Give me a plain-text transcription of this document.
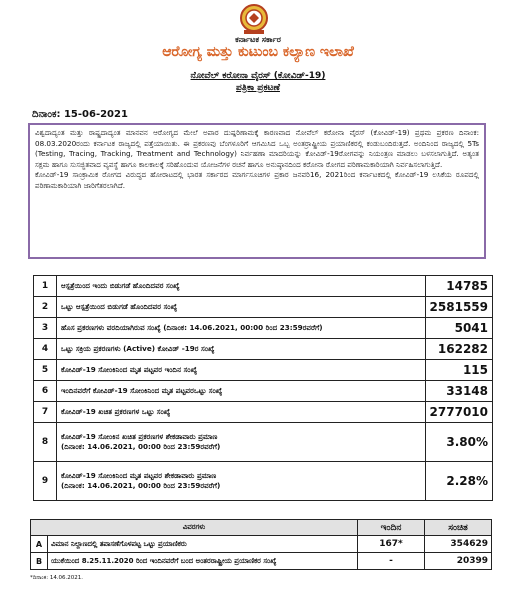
ಕರ್ನಾಟಕ ಸರ್ಕಾರ
ಆರೋಗ್ಯ ಮತ್ತು ಕುಟುಂಬ ಕಲ್ಯಾಣ ಇಲಾಖೆ
ನೋವೆಲ್ ಕರೋನಾ ವೈರಸ್ (ಕೋವಿಡ್-19)
ಪತ್ರಿಕಾ ಪ್ರಕಟಣೆ
ದಿನಾಂಕ: 15-06-2021

ವಿಶ್ವದಾದ್ಯಂತ ಮತ್ತು ರಾಷ್ಟ್ರದಾದ್ಯಂತ ಮಾನವನ ಆರೋಗ್ಯದ ಮೇಲೆ ಅಪಾರ ದುಷ್ಪರಿಣಾಮಕ್ಕೆ ಕಾರಣವಾದ ನೋವೆಲ್ ಕರೋನಾ ವೈರಸ್ (ಕೋವಿಡ್-19) ಪ್ರಥಮ ಪ್ರಕರಣ ದಿನಾಂಕ: 08.03.2020ರಂದು ಕರ್ನಾಟಕ ರಾಜ್ಯದಲ್ಲಿ ಪತ್ತೆಯಾಯಿತು. ಈ ಪ್ರಕರಣವು ಬೆಂಗಳೂರಿಗೆ ಆಗಮಿಸಿದ ಒಬ್ಬ ಅಂತರ್ರಾಷ್ಟ್ರೀಯ ಪ್ರಯಾಣಿಕರಲ್ಲಿ ಕಂಡುಬಂದಿರುತ್ತದೆ. ಅಂದಿನಿಂದ ರಾಜ್ಯದಲ್ಲಿ 5Ts (Testing, Tracing, Tracking, Treatment and Technology) ನಿರ್ವಹಣಾ ಮಾದರಿಯನ್ನು ಕೋವಿಡ್-19ರೋಗವನ್ನು ನಿಯಂತ್ರಣ ಮಾಡಲು ಬಳಸಲಾಗುತ್ತಿದೆ. ಅತ್ಯಂತ ಸಕ್ಷಮ ಹಾಗೂ ಸುಸಜ್ಜಿತವಾದ ವ್ಯವಸ್ಥೆ ಹಾಗೂ ಕಾಲಕಾಲಕ್ಕೆ ಸರಿಹೊಂದುವ ಯೋಜನೆಗಳ ರಚನೆ ಹಾಗೂ ಅನುಷ್ಠಾನದಿಂದ ಕರೋನಾ ರೋಗದ ಪರಿಣಾಮಕಾರಿಯಾಗಿ ನಿರ್ವಹಿಸಲಾಗುತ್ತಿದೆ.

ಕೋವಿಡ್-19 ಸಾಂಕ್ರಾಮಿಕ ರೋಗದ ವಿರುದ್ಧದ ಹೋರಾಟದಲ್ಲಿ ಭಾರತ ಸರ್ಕಾರದ ಮಾರ್ಗಸೂಚಿಗಳ ಪ್ರಕಾರ ಜನವರಿ16, 2021ರಿಂದ ಕರ್ನಾಟಕದಲ್ಲಿ ಕೋವಿಡ್-19 ಲಸಿಕೆಯ ರೂಪದಲ್ಲಿ ಪರಿಣಾಮಕಾರಿಯಾಗಿ ಜಾರಿಗೆತರಲಾಗಿದೆ.

1	ಆಸ್ಪತ್ರೆಯಿಂದ ಇಂದು ಬಿಡುಗಡೆ ಹೊಂದಿದವರ ಸಂಖ್ಯೆ	14785
2	ಒಟ್ಟು ಆಸ್ಪತ್ರೆಯಿಂದ ಬಿಡುಗಡೆ ಹೊಂದಿದವರ ಸಂಖ್ಯೆ	2581559
3	ಹೊಸ ಪ್ರಕರಣಗಳು ವರದಿಯಾಗಿರುವ ಸಂಖ್ಯೆ (ದಿನಾಂಕ: 14.06.2021, 00:00 ರಿಂದ 23:59ರವರೆಗೆ)	5041
4	ಒಟ್ಟು ಸಕ್ರಿಯ ಪ್ರಕರಣಗಳು (Active) ಕೋವಿಡ್ -19ರ ಸಂಖ್ಯೆ	162282
5	ಕೋವಿಡ್-19 ಸೋಂಕಿನಿಂದ ಮೃತ ಪಟ್ಟವರ ಇಂದಿನ ಸಂಖ್ಯೆ	115
6	ಇಂದಿನವರೆಗೆ ಕೋವಿಡ್-19 ಸೋಂಕಿನಿಂದ ಮೃತ ಪಟ್ಟವರಒಟ್ಟು ಸಂಖ್ಯೆ	33148
7	ಕೋವಿಡ್-19 ಖಚಿತ ಪ್ರಕರಣಗಳ ಒಟ್ಟು ಸಂಖ್ಯೆ	2777010
8	ಕೋವಿಡ್-19 ಸೋಂಕಿನ ಖಚಿತ ಪ್ರಕರಣಗಳ ಶೇಕಡಾವಾರು ಪ್ರಮಾಣ
(ದಿನಾಂಕ: 14.06.2021, 00:00 ರಿಂದ 23:59ರವರೆಗೆ)	3.80%
9	ಕೋವಿಡ್-19 ಸೋಂಕಿನಿಂದ ಮೃತ ಪಟ್ಟವರ ಶೇಕಡಾವಾರು ಪ್ರಮಾಣ
(ದಿನಾಂಕ: 14.06.2021, 00:00 ರಿಂದ 23:59ರವರೆಗೆ)	2.28%
ವಿವರಗಳು		ಇಂದಿನ	ಸಂಚಿತ
A	ವಿಮಾನ ನಿಲ್ದಾಣದಲ್ಲಿ ತಪಾಸಣೆಗೊಳಪಟ್ಟ ಒಟ್ಟು ಪ್ರಯಾಣಿಕರು	167*	354629
B	ಯುಕೆಯಿಂದ 8.25.11.2020 ರಿಂದ ಇಂದಿನವರೆಗೆ ಬಂದ ಅಂತರರಾಷ್ಟ್ರೀಯ ಪ್ರಯಾಣಿಕರ ಸಂಖ್ಯೆ	-	20399
*ದಿನಾಂಕ: 14.06.2021.
